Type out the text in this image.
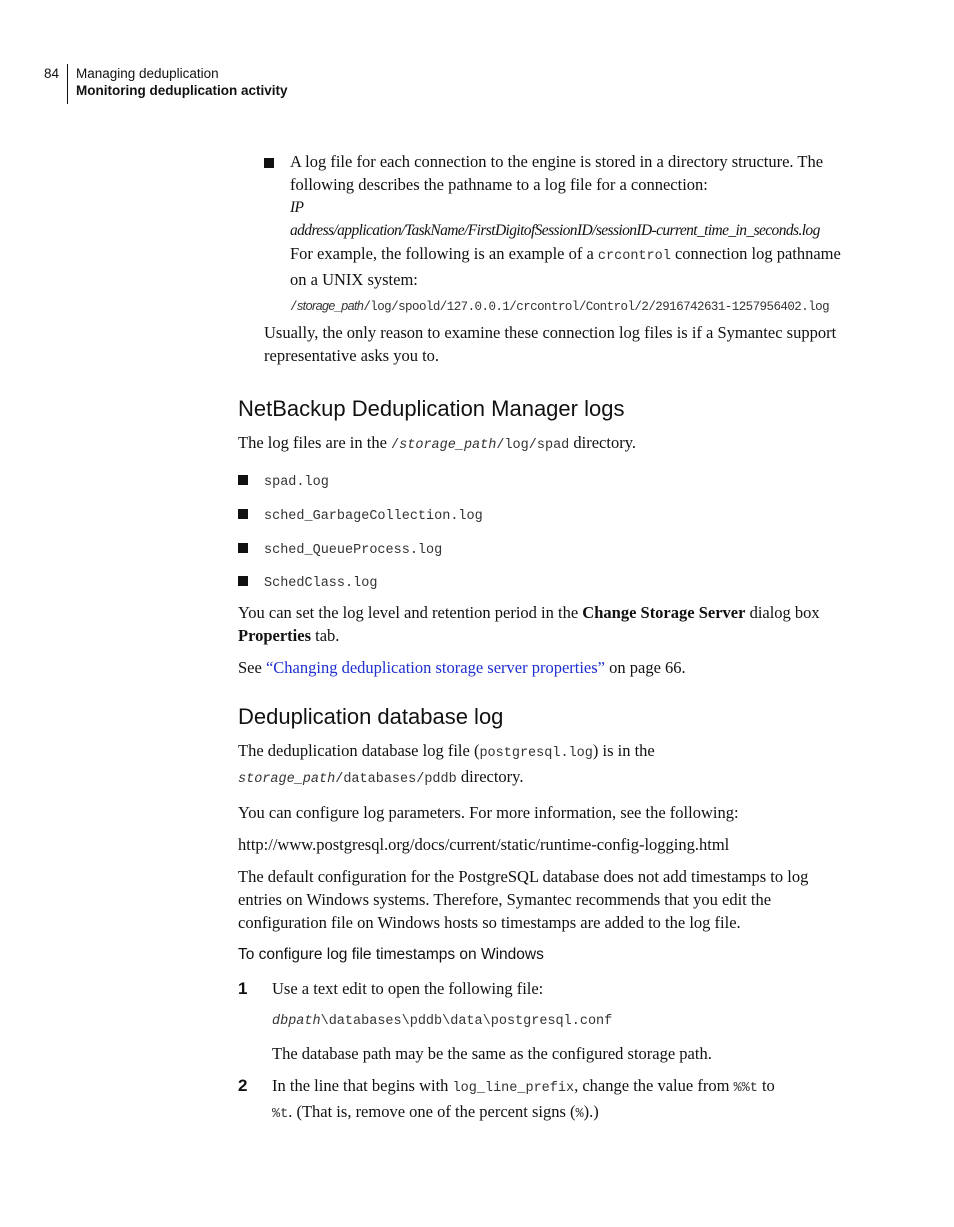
84 Managing deduplication
Monitoring deduplication activity

A log file for each connection to the engine is stored in a directory structure. The following describes the pathname to a log file for a connection:

IP

address/application/TaskName/FirstDigitofSessionID/sessionID-current_time_in_seconds.log

For example, the following is an example of a crcontrol connection log pathname on a UNIX system:

/storage_path/log/spoold/127.0.0.1/crcontrol/Control/2/2916742631-1257956402.log

Usually, the only reason to examine these connection log files is if a Symantec support representative asks you to.

NetBackup Deduplication Manager logs

The log files are in the /storage_path/log/spad directory.

spad.log
sched_GarbageCollection.log
sched_QueueProcess.log
SchedClass.log

You can set the log level and retention period in the Change Storage Server dialog box Properties tab.

See “Changing deduplication storage server properties” on page 66.

Deduplication database log

The deduplication database log file (postgresql.log) is in the
storage_path/databases/pddb directory.

You can configure log parameters. For more information, see the following:

http://www.postgresql.org/docs/current/static/runtime-config-logging.html

The default configuration for the PostgreSQL database does not add timestamps to log entries on Windows systems. Therefore, Symantec recommends that you edit the configuration file on Windows hosts so timestamps are added to the log file.

To configure log file timestamps on Windows
1 Use a text edit to open the following file:

dbpath\databases\pddb\data\postgresql.conf

The database path may be the same as the configured storage path.

2 In the line that begins with log_line_prefix, change the value from %%t to
%t. (That is, remove one of the percent signs (%).)
